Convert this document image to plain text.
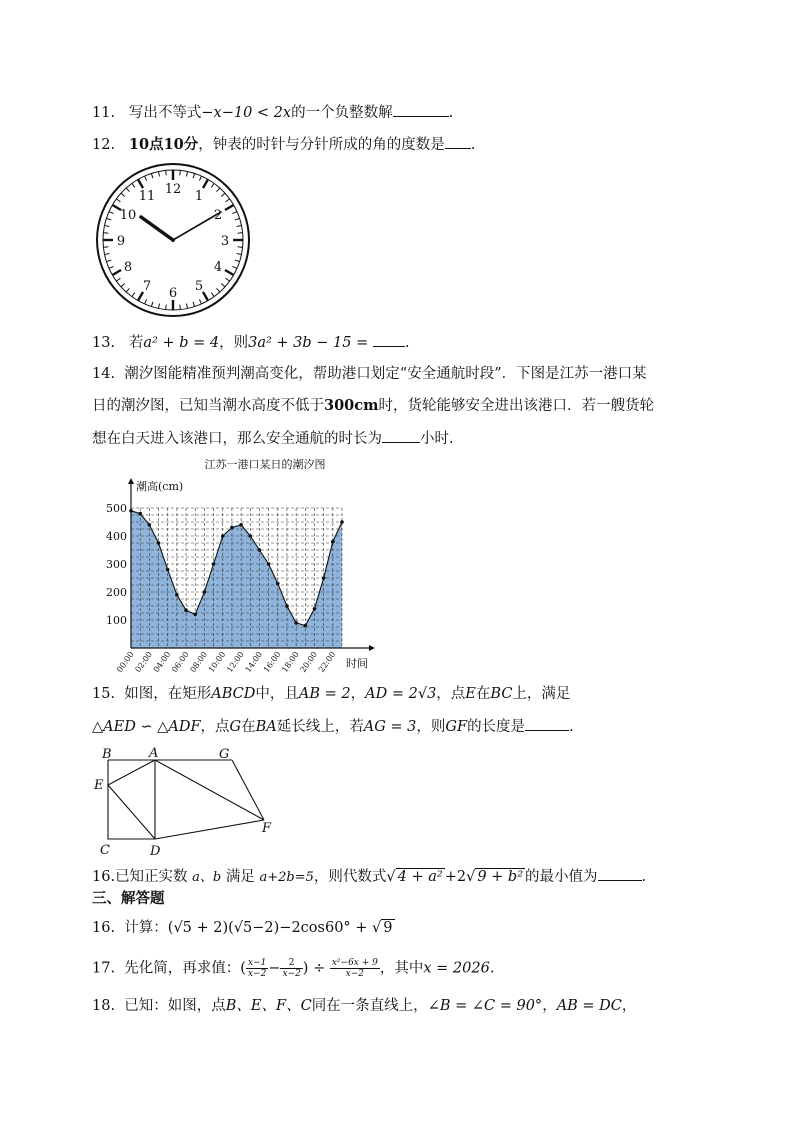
11. 写出不等式−x−10 < 2x的一个负整数解	.
12. 10点10分，钟表的时针与分针所成的角的度数是 .
12 1
2
3
4
5
6
7
8
9
10
11
13. 若a² + b = 4，则3a² + 3b − 15 =	.
14. 潮汐图能精准预判潮高变化，帮助港口划定“安全通航时段”．下图是江苏一港口某
日的潮汐图，已知当潮水高度不低于300cm时，货轮能够安全进出该港口．若一艘货轮
想在白天进入该港口，那么安全通航的时长为	小时.
江苏一港口某日的潮汐图
潮高(cm)
时间
100
200
300
400
500
00:00
02:00
04:00
06:00
08:00
10:00
12:00
14:00
16:00
18:00
20:00
22:00
15. 如图，在矩形ABCD中，且AB = 2，AD = 2√3，点E在BC上，满足
△AED ∽ △ADF，点G在BA延长线上，若AG = 3，则GF的长度是	.
B	A	G
E
C	D
F
16.已知正实数 a、b 满足 a+2b=5，则代数式√ 4 + a² +2√ 9 + b² 的最小值为	.
三、解答题
16. 计算：(√5 + 2)(√5−2)−2cos60° + √ 9
17. 先化简，再求值：( $\frac{x-1}{x-2} - \frac{2}{x-2}$ ) ÷ $\frac{\text{x²−6x + 9}}{x-2}$ ，其中x = 2026.
18. 已知：如图，点B、E、F、C同在一条直线上，∠B = ∠C = 90°，AB = DC，
